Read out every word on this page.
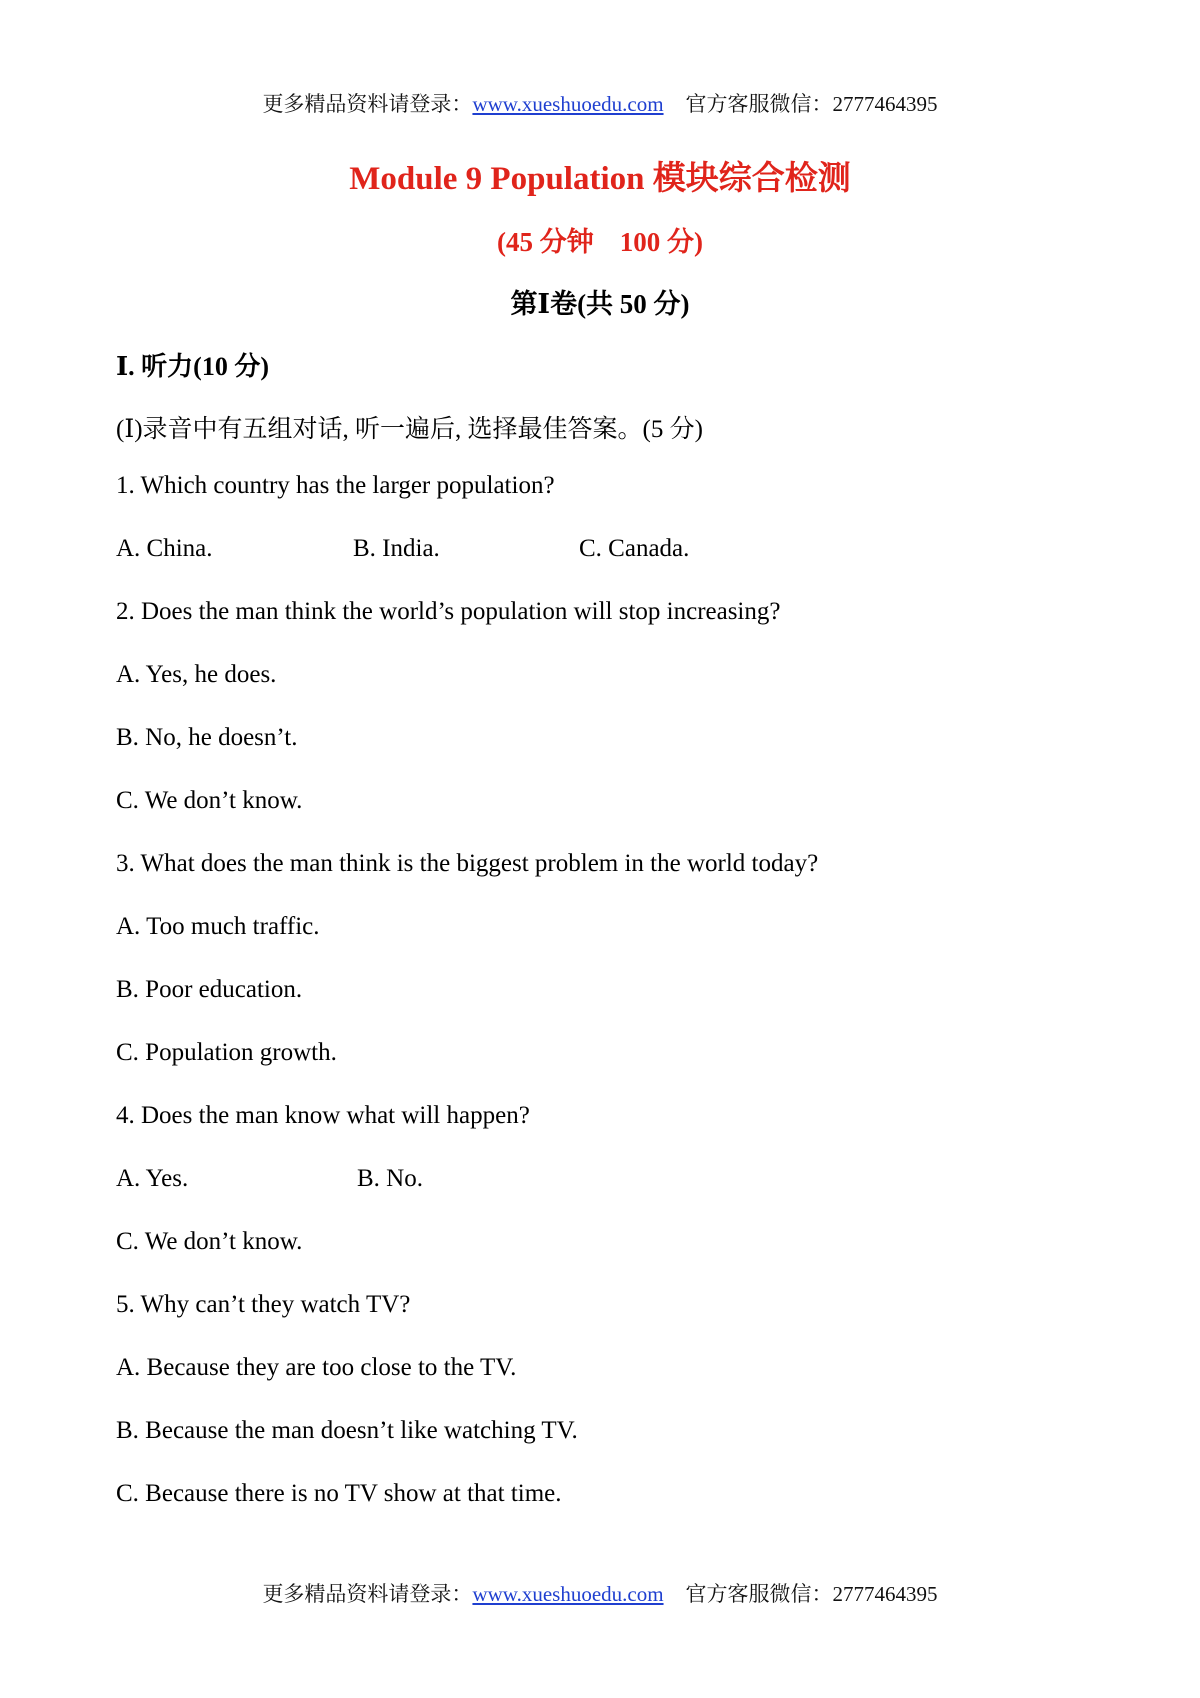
更多精品资料请登录：www.xueshuoedu.com 官方客服微信：2777464395
Module 9 Population 模块综合检测
(45 分钟 100 分)
第Ⅰ卷(共 50 分)
Ⅰ. 听力(10 分)
(Ⅰ)录音中有五组对话, 听一遍后, 选择最佳答案。(5 分)
1. Which country has the larger population?
A. China.	B. India.	C. Canada.
2. Does the man think the world’s population will stop increasing?
A. Yes, he does.
B. No, he doesn’t.
C. We don’t know.
3. What does the man think is the biggest problem in the world today?
A. Too much traffic.
B. Poor education.
C. Population growth.
4. Does the man know what will happen?
A. Yes.	B. No.
C. We don’t know.
5. Why can’t they watch TV?
A. Because they are too close to the TV.
B. Because the man doesn’t like watching TV.
C. Because there is no TV show at that time.
更多精品资料请登录：www.xueshuoedu.com 官方客服微信：2777464395
